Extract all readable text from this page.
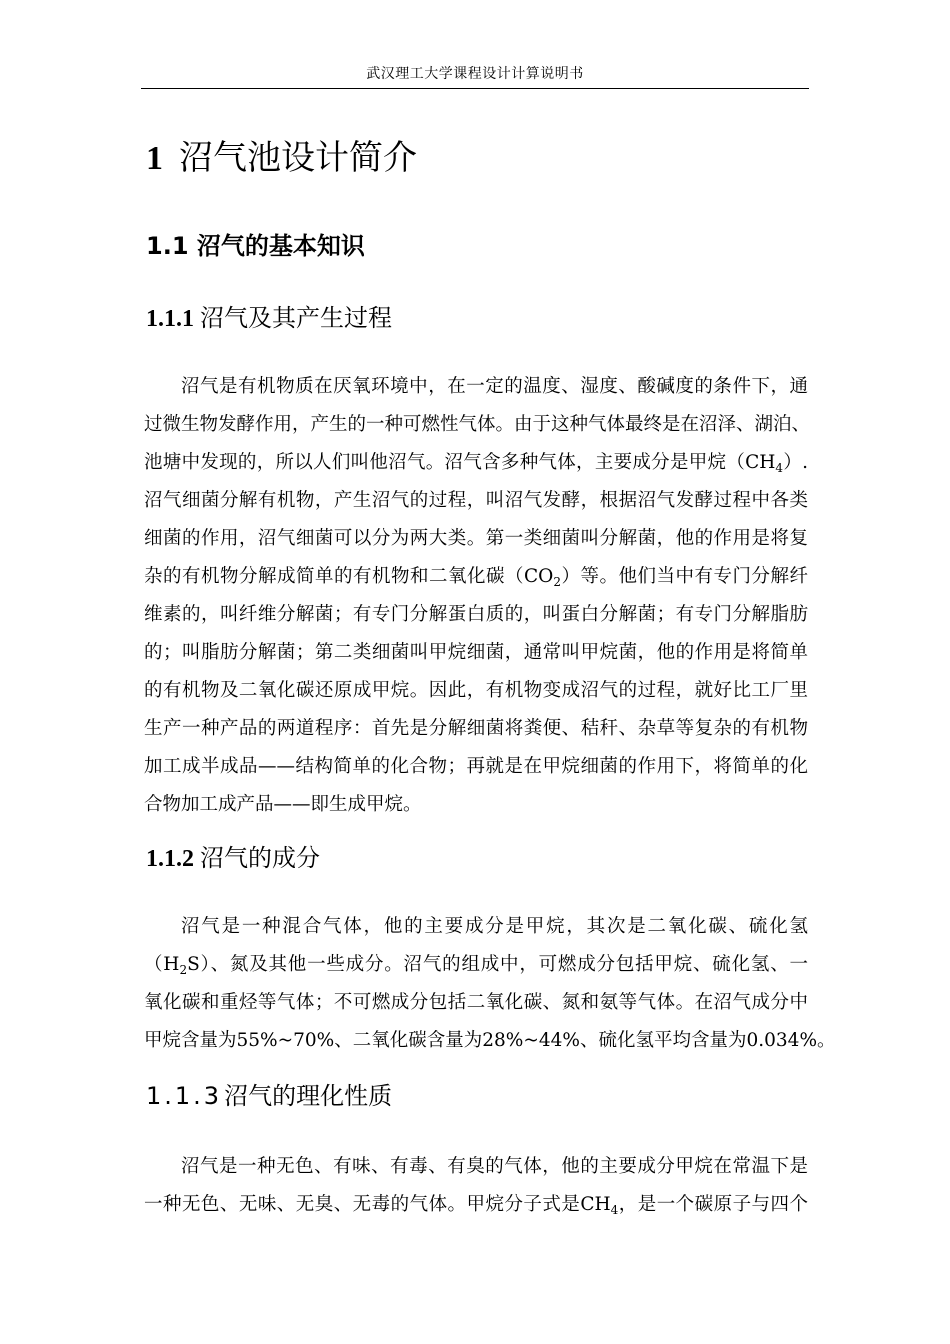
武汉理工大学课程设计计算说明书
1 沼气池设计简介
1.1 沼气的基本知识
1.1.1 沼气及其产生过程
沼气是有机物质在厌氧环境中，在一定的温度、湿度、酸碱度的条件下，通
过微生物发酵作用，产生的一种可燃性气体。由于这种气体最终是在沼泽、湖泊、
池塘中发现的，所以人们叫他沼气。沼气含多种气体，主要成分是甲烷$(CH_4)$.
沼气细菌分解有机物，产生沼气的过程，叫沼气发酵，根据沼气发酵过程中各类
细菌的作用，沼气细菌可以分为两大类。第一类细菌叫分解菌，他的作用是将复
杂的有机物分解成简单的有机物和二氧化碳$(CO_2)$等。他们当中有专门分解纤
维素的，叫纤维分解菌；有专门分解蛋白质的，叫蛋白分解菌；有专门分解脂肪
的；叫脂肪分解菌；第二类细菌叫甲烷细菌，通常叫甲烷菌，他的作用是将简单
的有机物及二氧化碳还原成甲烷。因此，有机物变成沼气的过程，就好比工厂里
生产一种产品的两道程序：首先是分解细菌将粪便、秸秆、杂草等复杂的有机物
加工成半成品——结构简单的化合物；再就是在甲烷细菌的作用下，将简单的化
合物加工成产品——即生成甲烷。
1.1.2 沼气的成分
沼气是一种混合气体，他的主要成分是甲烷，其次是二氧化碳、硫化氢
$(H_2S)$、氮及其他一些成分。沼气的组成中，可燃成分包括甲烷、硫化氢、一
氧化碳和重烃等气体；不可燃成分包括二氧化碳、氮和氨等气体。在沼气成分中
甲烷含量为55%~70%、二氧化碳含量为28%~44%、硫化氢平均含量为0.034%。
1.1.3沼气的理化性质
沼气是一种无色、有味、有毒、有臭的气体，他的主要成分甲烷在常温下是
一种无色、无味、无臭、无毒的气体。甲烷分子式是$CH_4$，是一个碳原子与四个
